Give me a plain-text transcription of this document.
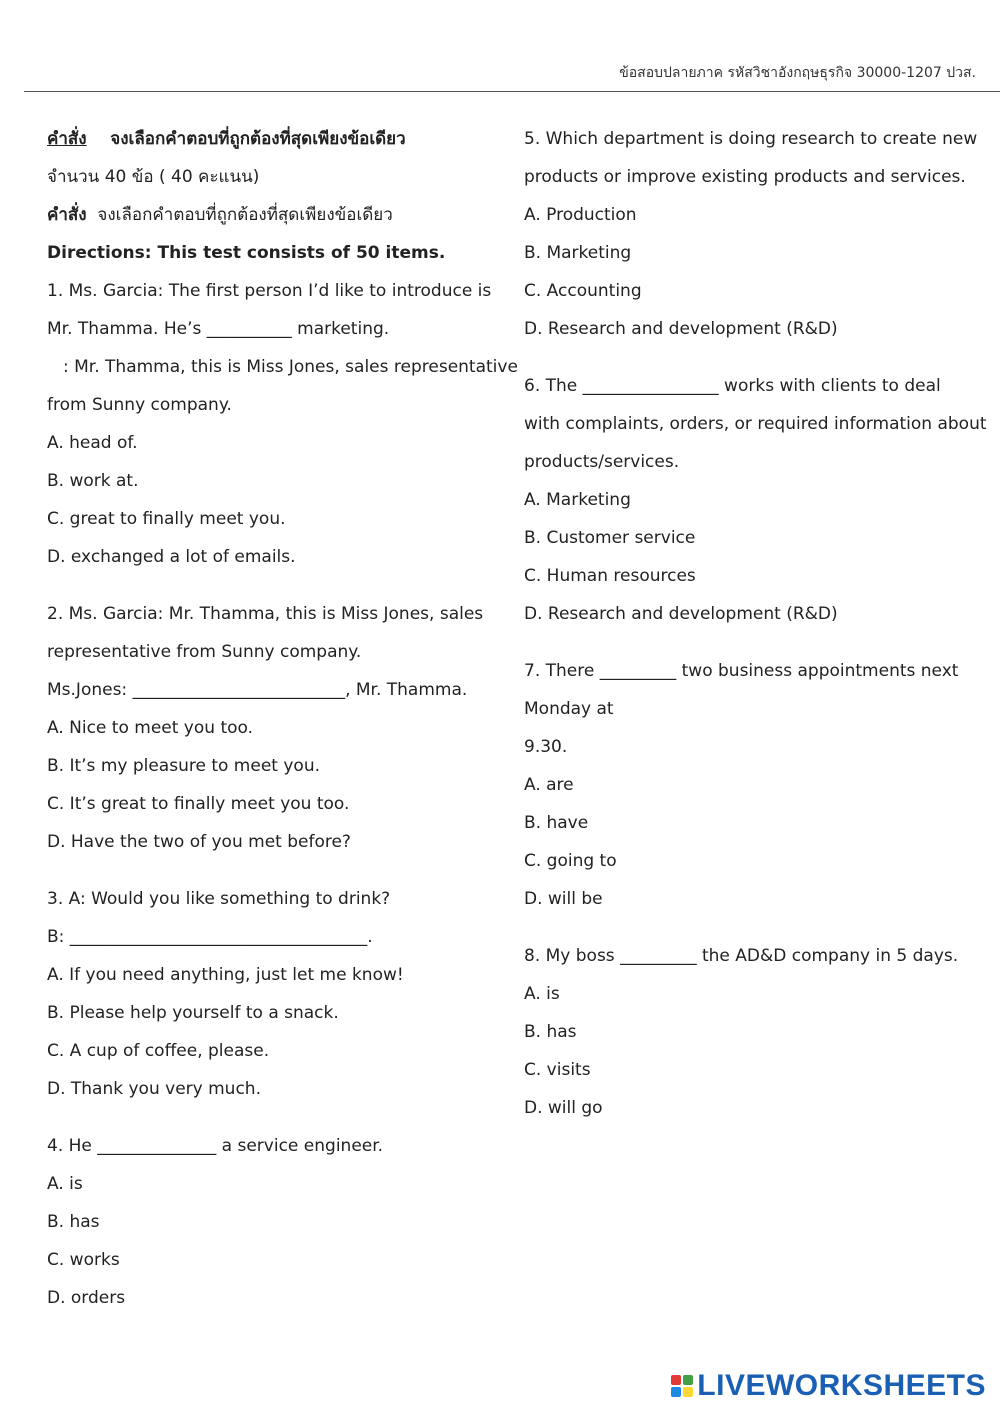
ข้อสอบปลายภาค รหัสวิชาอังกฤษธุรกิจ 30000-1207 ปวส.
คำสั่ง จงเลือกคำตอบที่ถูกต้องที่สุดเพียงข้อเดียว
จำนวน 40 ข้อ ( 40 คะแนน)
คำสั่ง จงเลือกคำตอบที่ถูกต้องที่สุดเพียงข้อเดียว
Directions: This test consists of 50 items.
1. Ms. Garcia: The first person I’d like to introduce is
Mr. Thamma. He’s __________ marketing.
: Mr. Thamma, this is Miss Jones, sales representative
from Sunny company.
A. head of.
B. work at.
C. great to finally meet you.
D. exchanged a lot of emails.
2. Ms. Garcia: Mr. Thamma, this is Miss Jones, sales
representative from Sunny company.
Ms.Jones: _________________________, Mr. Thamma.
A. Nice to meet you too.
B. It’s my pleasure to meet you.
C. It’s great to finally meet you too.
D. Have the two of you met before?
3. A: Would you like something to drink?
B: ___________________________________.
A. If you need anything, just let me know!
B. Please help yourself to a snack.
C. A cup of coffee, please.
D. Thank you very much.
4. He ______________ a service engineer.
A. is
B. has
C. works
D. orders
5. Which department is doing research to create new
products or improve existing products and services.
A. Production
B. Marketing
C. Accounting
D. Research and development (R&D)
6. The ________________ works with clients to deal
with complaints, orders, or required information about
products/services.
A. Marketing
B. Customer service
C. Human resources
D. Research and development (R&D)
7. There _________ two business appointments next
Monday at
9.30.
A. are
B. have
C. going to
D. will be
8. My boss _________ the AD&D company in 5 days.
A. is
B. has
C. visits
D. will go
LIVEWORKSHEETS
